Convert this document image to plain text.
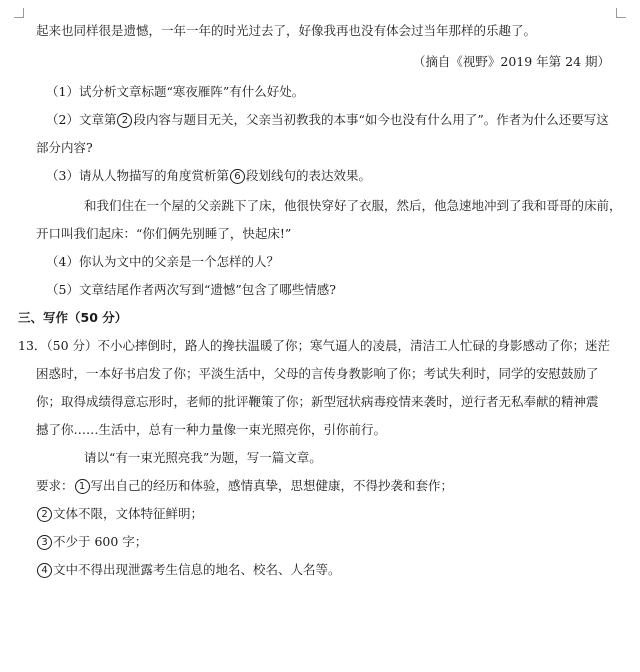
起来也同样很是遗憾，一年一年的时光过去了，好像我再也没有体会过当年那样的乐趣了。
（摘自《视野》2019 年第 24 期）
（1）试分析文章标题“寒夜雁阵”有什么好处。
（2）文章第 2 段内容与题目无关，父亲当初教我的本事“如今也没有什么用了”。作者为什么还要写这
部分内容?
（3）请从人物描写的角度赏析第 6 段划线句的表达效果。
和我们住在一个屋的父亲跳下了床，他很快穿好了衣服，然后，他急速地冲到了我和哥哥的床前，
开口叫我们起床：“你们俩先别睡了，快起床!”
（4）你认为文中的父亲是一个怎样的人？
（5）文章结尾作者两次写到“遗憾”包含了哪些情感?
三、写作（50 分）
13．（50 分）不小心摔倒时，路人的搀扶温暖了你；寒气逼人的凌晨，清洁工人忙碌的身影感动了你；迷茫
困惑时，一本好书启发了你；平淡生活中，父母的言传身教影响了你；考试失利时，同学的安慰鼓励了
你；取得成绩得意忘形时，老师的批评鞭策了你；新型冠状病毒疫情来袭时，逆行者无私奉献的精神震
撼了你……生活中，总有一种力量像一束光照亮你，引你前行。
请以“有一束光照亮我”为题，写一篇文章。
要求： 1 写出自己的经历和体验，感情真挚，思想健康，不得抄袭和套作；
2 文体不限，文体特征鲜明；
3 不少于 600 字；
4 文中不得出现泄露考生信息的地名、校名、人名等。
